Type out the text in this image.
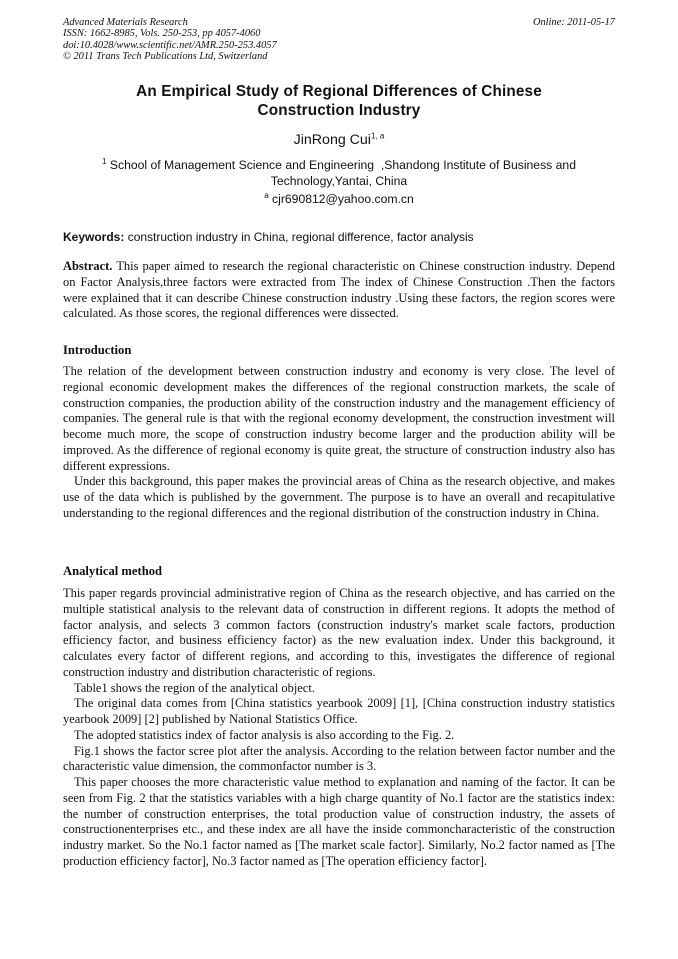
Advanced Materials Research
ISSN: 1662-8985, Vols. 250-253, pp 4057-4060
doi:10.4028/www.scientific.net/AMR.250-253.4057
© 2011 Trans Tech Publications Ltd, Switzerland
Online: 2011-05-17
An Empirical Study of Regional Differences of Chinese
Construction Industry
JinRong Cui$^{1, a}$
$^1$ School of Management Science and Engineering  ,Shandong Institute of Business and
Technology,Yantai, China
$^a$ cjr690812@yahoo.com.cn
Keywords: construction industry in China, regional difference, factor analysis

Abstract. This paper aimed to research the regional characteristic on Chinese construction industry. Depend on Factor Analysis,three factors were extracted from The index of Chinese Construction .Then the factors were explained that it can describe Chinese construction industry .Using these factors, the region scores were calculated. As those scores, the regional differences were dissected.

Introduction

The relation of the development between construction industry and economy is very close. The level of regional economic development makes the differences of the regional construction markets, the scale of construction companies, the production ability of the construction industry and the management efficiency of companies. The general rule is that with the regional economy development, the construction investment will become much more, the scope of construction industry become larger and the production ability will be improved. As the difference of regional economy is quite great, the structure of construction industry also has different expressions.

Under this background, this paper makes the provincial areas of China as the research objective, and makes use of the data which is published by the government. The purpose is to have an overall and recapitulative understanding to the regional differences and the regional distribution of the construction industry in China.

Analytical method

This paper regards provincial administrative region of China as the research objective, and has carried on the multiple statistical analysis to the relevant data of construction in different regions. It adopts the method of factor analysis, and selects 3 common factors (construction industry's market scale factors, production efficiency factor, and business efficiency factor) as the new evaluation index. Under this background, it calculates every factor of different regions, and according to this, investigates the difference of regional construction industry and distribution characteristic of regions.

Table1 shows the region of the analytical object.

The original data comes from [China statistics yearbook 2009] [1], [China construction industry statistics yearbook 2009] [2] published by National Statistics Office.

The adopted statistics index of factor analysis is also according to the Fig. 2.

Fig.1 shows the factor scree plot after the analysis. According to the relation between factor number and the characteristic value dimension, the commonfactor number is 3.

This paper chooses the more characteristic value method to explanation and naming of the factor. It can be seen from Fig. 2 that the statistics variables with a high charge quantity of No.1 factor are the statistics index: the number of construction enterprises, the total production value of construction industry, the assets of constructionenterprises etc., and these index are all have the inside commoncharacteristic of the construction industry market. So the No.1 factor named as [The market scale factor]. Similarly, No.2 factor named as [The production efficiency factor], No.3 factor named as [The operation efficiency factor].
